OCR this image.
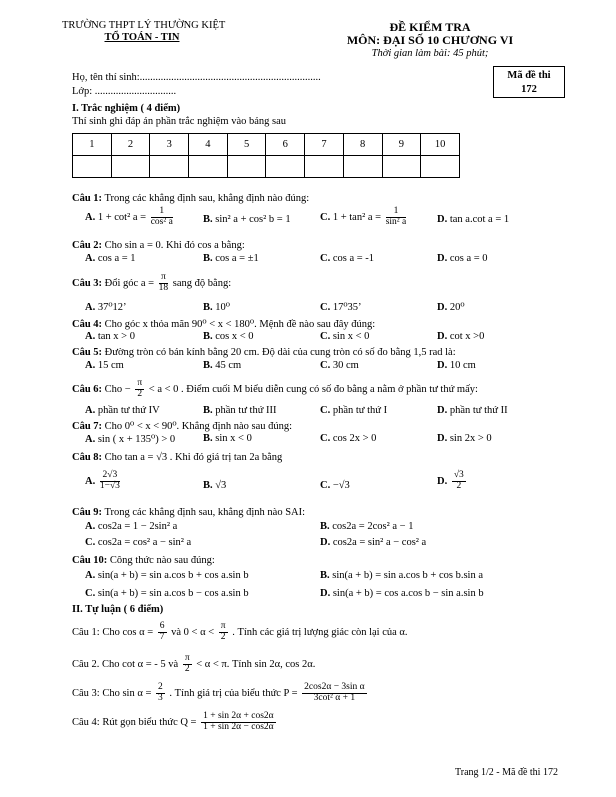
TRƯỜNG THPT LÝ THƯỜNG KIỆT
TỔ TOÁN - TIN
ĐỀ KIỂM TRA
MÔN: ĐẠI SỐ 10 CHƯƠNG VI
Thời gian làm bài: 45 phút;
Mã đề thi
172
Họ, tên thí sinh:.....................................................................
Lớp: ...............................
I. Trắc nghiệm ( 4 điểm)
Thí sinh ghi đáp án phần trắc nghiệm vào bảng sau
1	2	3	4	5	6	7	8	9	10

Câu 1: Trong các khẳng định sau, khẳng định nào đúng:
A. 1 + cot² $a = \frac{1}{\text{cos² a}}$	B. sin² a + cos² b = 1	C. 1 + tan² $a = \frac{1}{\text{sin² a}}$	D. tan a.cot a = 1
Câu 2: Cho sin a = 0. Khi đó cos a bằng:
A. cos a = 1	B. cos a = ±1	C. cos a = -1	D. cos a = 0
Câu 3: Đổi góc $a = \frac{\pi}{18}$ sang độ bằng:
A. 37⁰12’	B. 10⁰	C. 17⁰35’	D. 20⁰
Câu 4: Cho góc x thỏa mãn 90⁰ < x < 180⁰. Mệnh đề nào sau đây đúng:
A. tan x > 0	B. cos x < 0	C. sin x < 0	D. cot x >0
Câu 5: Đường tròn có bán kính bằng 20 cm. Độ dài của cung tròn có số đo bằng 1,5 rad là:
A. 15 cm	B. 45 cm	C. 30 cm	D. 10 cm
Câu 6: Cho − $\frac{\pi}{2} < a < 0$ . Điểm cuối M biểu diễn cung có số đo bằng a nằm ở phần tư thứ mấy:
A. phần tư thứ IV	B. phần tư thứ III	C. phần tư thứ I	D. phần tư thứ II
Câu 7: Cho 0⁰ < x < 90⁰. Khẳng định nào sau đúng:
A. sin ( x + 135⁰) > 0	B. sin x < 0	C. cos 2x > 0	D. sin 2x > 0
Câu 8: Cho tan a = √3 . Khi đó giá trị tan 2a bằng
A. $\frac{2√3}{1-√3}$	B. √3	C. −√3	D. $\frac{√3}{2}$
Câu 9: Trong các khẳng định sau, khẳng định nào SAI:
A. cos2a = 1 − 2sin² a	B. cos2a = 2cos² a − 1
C. cos2a = cos² a − sin² a	D. cos2a = sin² a − cos² a
Câu 10: Công thức nào sau đúng:
A. sin(a + b) = sin a.cos b + cos a.sin b	B. sin(a + b) = sin a.cos b + cos b.sin a
C. sin(a + b) = sin a.cos b − cos a.sin b	D. sin(a + b) = cos a.cos b − sin a.sin b
II. Tự luận ( 6 điểm)
Câu 1: Cho $\cos \alpha = \frac{6}{7}$ và $0 < \alpha < \frac{\pi}{2}$ . Tính các giá trị lượng giác còn lại của α.
Câu 2. Cho cot α = - 5 và $\frac{\pi}{2} < \alpha < \pi$. Tính sin 2α, cos 2α.
Câu 3: Cho $\sin \alpha = \frac{2}{3}$ . Tính giá trị của biểu thức $P = \frac{\text{2cos2α − 3sin α}}{\text{3cot² α + 1}}$
Câu 4: Rút gọn biểu thức $Q = \frac{1 + \sin 2\alpha + \cos 2\alpha}{1 + \sin 2\alpha - \cos 2\alpha}$
Trang 1/2 - Mã đề thi 172
